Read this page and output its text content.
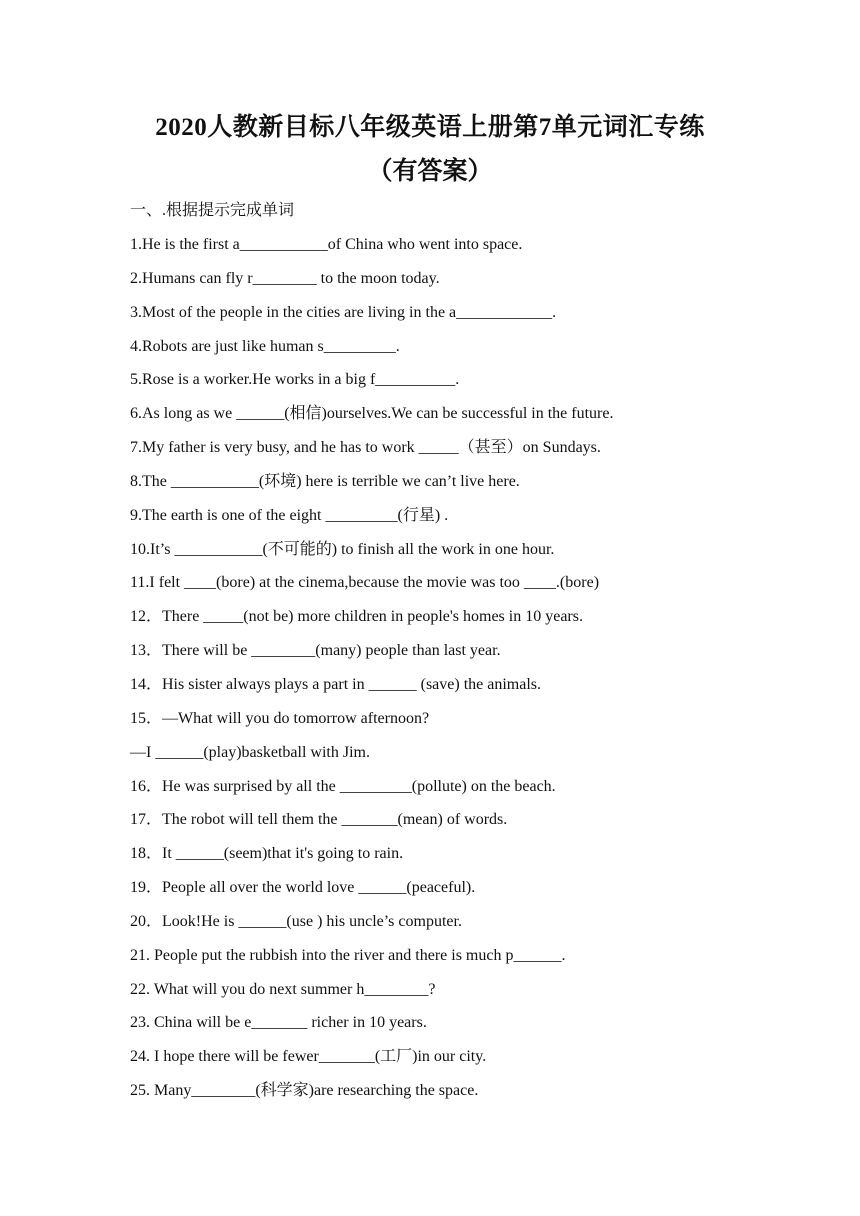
2020人教新目标八年级英语上册第7单元词汇专练
（有答案）
一、.根据提示完成单词
1.He is the first a___________of China who went into space.
2.Humans can fly r________ to the moon today.
3.Most of the people in the cities are living in the a____________.
4.Robots are just like human s_________.
5.Rose is a worker.He works in a big f__________.
6.As long as we ______(相信)ourselves.We can be successful in the future.
7.My father is very busy, and he has to work _____（甚至）on Sundays.
8.The ___________(环境) here is terrible we can’t live here.
9.The earth is one of the eight _________(行星) .
10.It’s ___________(不可能的) to finish all the work in one hour.
11.I felt ____(bore) at the cinema,because the movie was too ____.(bore)
12．There _____(not be) more children in people's homes in 10 years.
13．There will be ________(many) people than last year.
14．His sister always plays a part in ______ (save) the animals.
15．—What will you do tomorrow afternoon?
—I ______(play)basketball with Jim.
16．He was surprised by all the _________(pollute) on the beach.
17．The robot will tell them the _______(mean) of words.
18．It ______(seem)that it's going to rain.
19．People all over the world love ______(peaceful).
20．Look!He is ______(use ) his uncle’s computer.
21. People put the rubbish into the river and there is much p______.
22. What will you do next summer h________?
23. China will be e_______ richer in 10 years.
24. I hope there will be fewer_______(工厂)in our city.
25. Many________(科学家)are researching the space.
